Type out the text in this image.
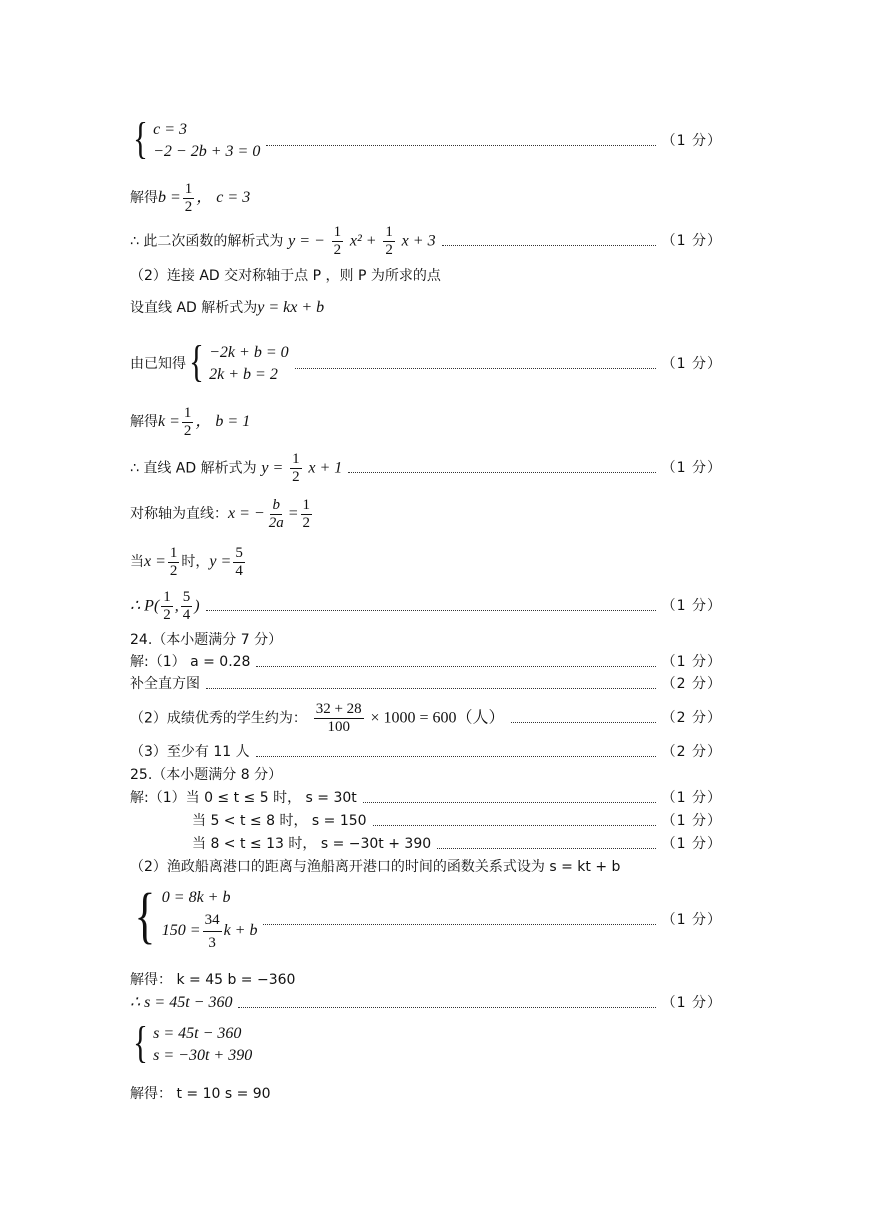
{ c = 3
−2 − 2b + 3 = 0
（1 分）
解得 $b = \frac{1}{2}$ ， c = 3
∴ 此二次函数的解析式为 y = − $\frac{1}{2} x^2 + \frac{1}{2}$ x + 3	（1 分）
（2）连接 AD 交对称轴于点 P ，则 P 为所求的点
设直线 AD 解析式为 y = kx + b
由已知得 { −2k + b = 0
2k + b = 2
（1 分）
解得 $k = \frac{1}{2}$ ， b = 1
∴ 直线 AD 解析式为 $y = \frac{1}{2}$ x + 1	（1 分）
对称轴为直线： x = − $\frac{b}{2a} = \frac{1}{2}$
当 $x = \frac{1}{2}$ 时， $y = \frac{5}{4}$
∴ $P( \frac{1}{2}$ , $\frac{5}{4}$ )	（1 分）
24.（本小题满分 7 分）
解:（1） a = 0.28	（1 分）
补全直方图	（2 分）
（2）成绩优秀的学生约为： $\frac{32 + 28}{100} \times 1000 = 600$（人）	（2 分）
（3）至少有 11 人	（2 分）
25.（本小题满分 8 分）
解:（1）当 0 ≤ t ≤ 5 时， s = 30t	（1 分）
当 5 < t ≤ 8 时， s = 150	（1 分）
当 8 < t ≤ 13 时， s = −30t + 390	（1 分）
（2）渔政船离港口的距离与渔船离开港口的时间的函数关系式设为 s = kt + b
{ 0 = 8k + b
$150 = \frac{34}{3}$ k + b
（1 分）
解得： k = 45 b = −360
∴ s = 45t − 360	（1 分）
{ s = 45t − 360
s = −30t + 390
解得： t = 10 s = 90
